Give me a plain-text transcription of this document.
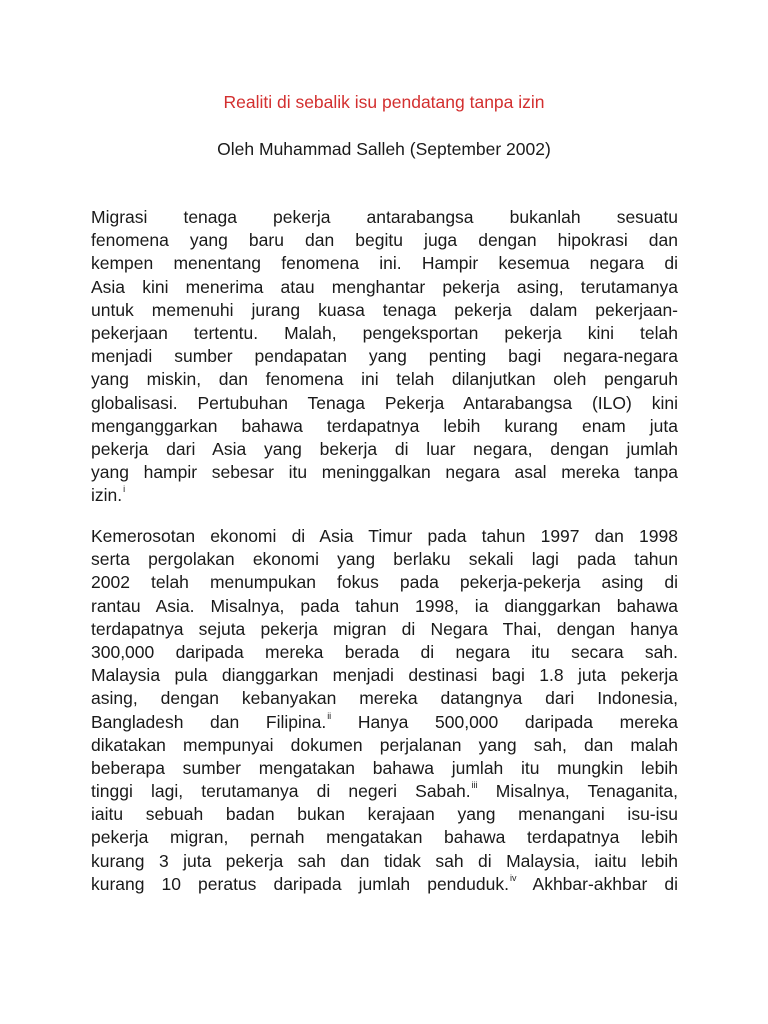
Realiti di sebalik isu pendatang tanpa izin
Oleh Muhammad Salleh (September 2002)
Migrasi tenaga pekerja antarabangsa bukanlah sesuatu
fenomena yang baru dan begitu juga dengan hipokrasi dan
kempen menentang fenomena ini. Hampir kesemua negara di
Asia kini menerima atau menghantar pekerja asing, terutamanya
untuk memenuhi jurang kuasa tenaga pekerja dalam pekerjaan-
pekerjaan tertentu. Malah, pengeksportan pekerja kini telah
menjadi sumber pendapatan yang penting bagi negara-negara
yang miskin, dan fenomena ini telah dilanjutkan oleh pengaruh
globalisasi. Pertubuhan Tenaga Pekerja Antarabangsa (ILO) kini
menganggarkan bahawa terdapatnya lebih kurang enam juta
pekerja dari Asia yang bekerja di luar negara, dengan jumlah
yang hampir sebesar itu meninggalkan negara asal mereka tanpa
izin.$^i$
Kemerosotan ekonomi di Asia Timur pada tahun 1997 dan 1998
serta pergolakan ekonomi yang berlaku sekali lagi pada tahun
2002 telah menumpukan fokus pada pekerja-pekerja asing di
rantau Asia. Misalnya, pada tahun 1998, ia dianggarkan bahawa
terdapatnya sejuta pekerja migran di Negara Thai, dengan hanya
300,000 daripada mereka berada di negara itu secara sah.
Malaysia pula dianggarkan menjadi destinasi bagi 1.8 juta pekerja
asing, dengan kebanyakan mereka datangnya dari Indonesia,
Bangladesh dan Filipina.$^{ii}$ Hanya 500,000 daripada mereka
dikatakan mempunyai dokumen perjalanan yang sah, dan malah
beberapa sumber mengatakan bahawa jumlah itu mungkin lebih
tinggi lagi, terutamanya di negeri Sabah.$^{iii}$ Misalnya, Tenaganita,
iaitu sebuah badan bukan kerajaan yang menangani isu-isu
pekerja migran, pernah mengatakan bahawa terdapatnya lebih
kurang 3 juta pekerja sah dan tidak sah di Malaysia, iaitu lebih
kurang 10 peratus daripada jumlah penduduk.$^{iv}$ Akhbar-akhbar di
